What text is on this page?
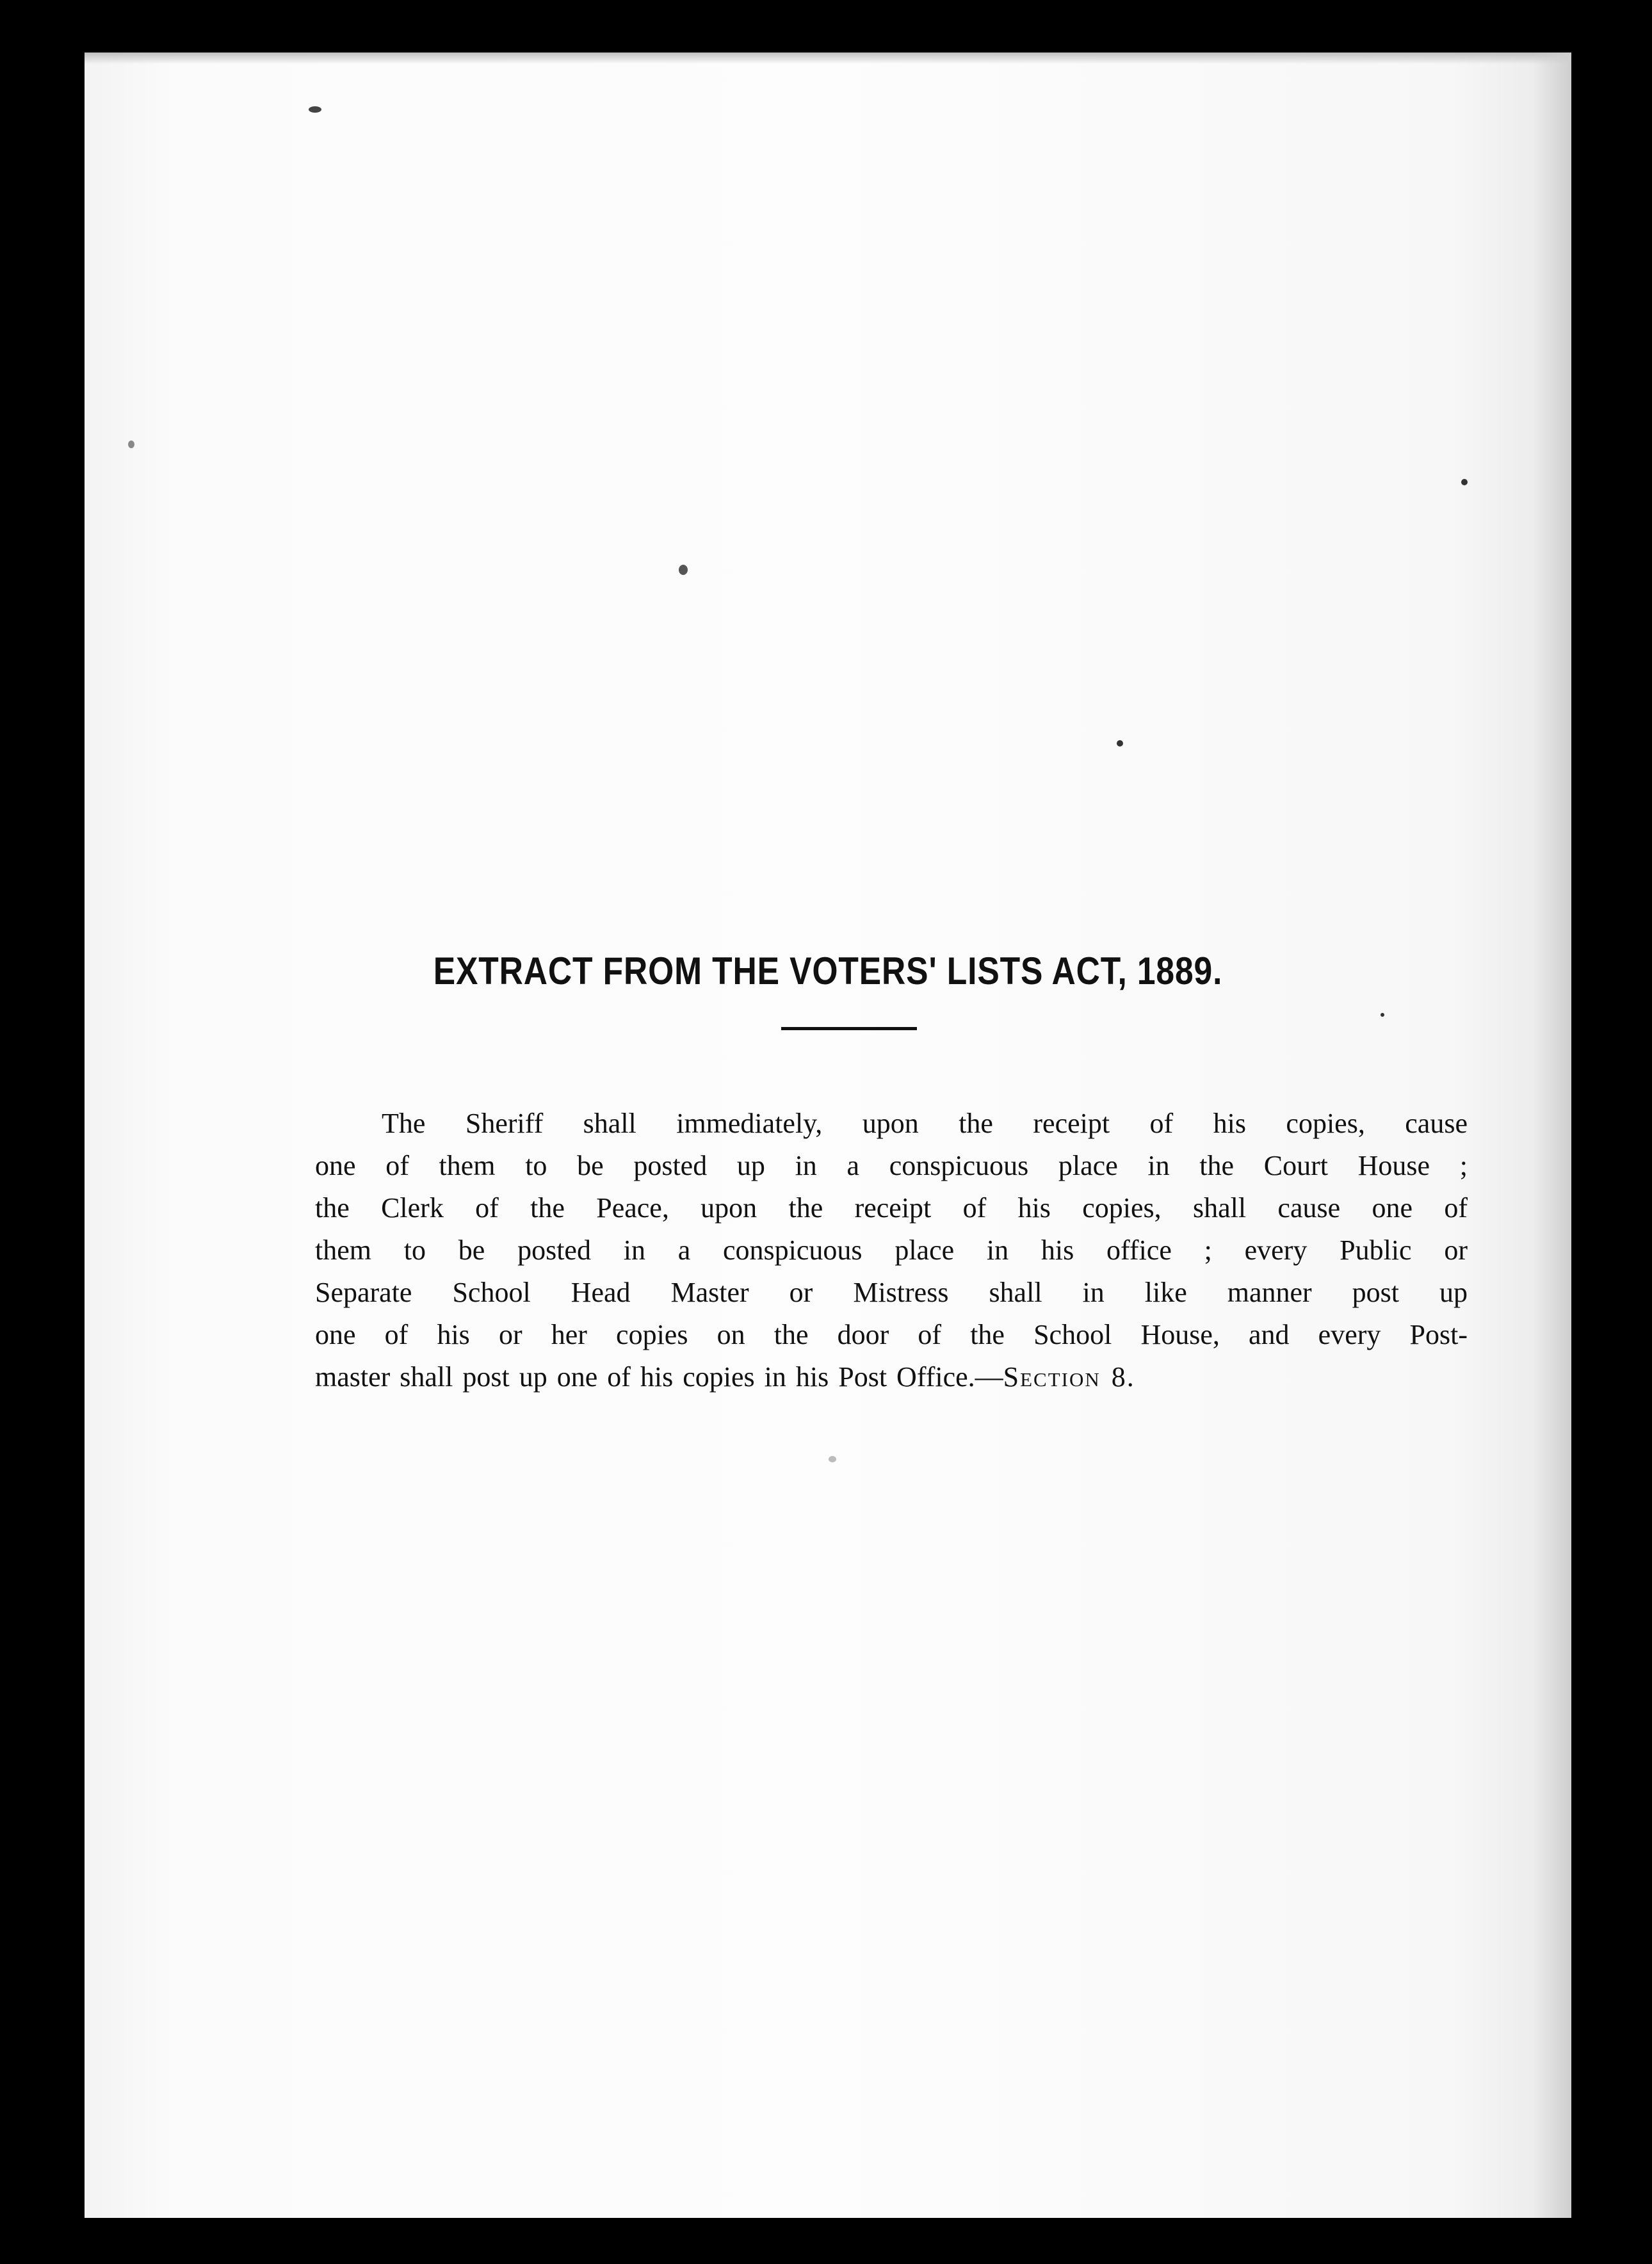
EXTRACT FROM THE VOTERS' LISTS ACT, 1889.
The Sheriff shall immediately, upon the receipt of his copies, cause
one of them to be posted up in a conspicuous place in the Court House ;
the Clerk of the Peace, upon the receipt of his copies, shall cause one of
them to be posted in a conspicuous place in his office ; every Public or
Separate School Head Master or Mistress shall in like manner post up
one of his or her copies on the door of the School House, and every Post-
master shall post up one of his copies in his Post Office.—Section 8.
